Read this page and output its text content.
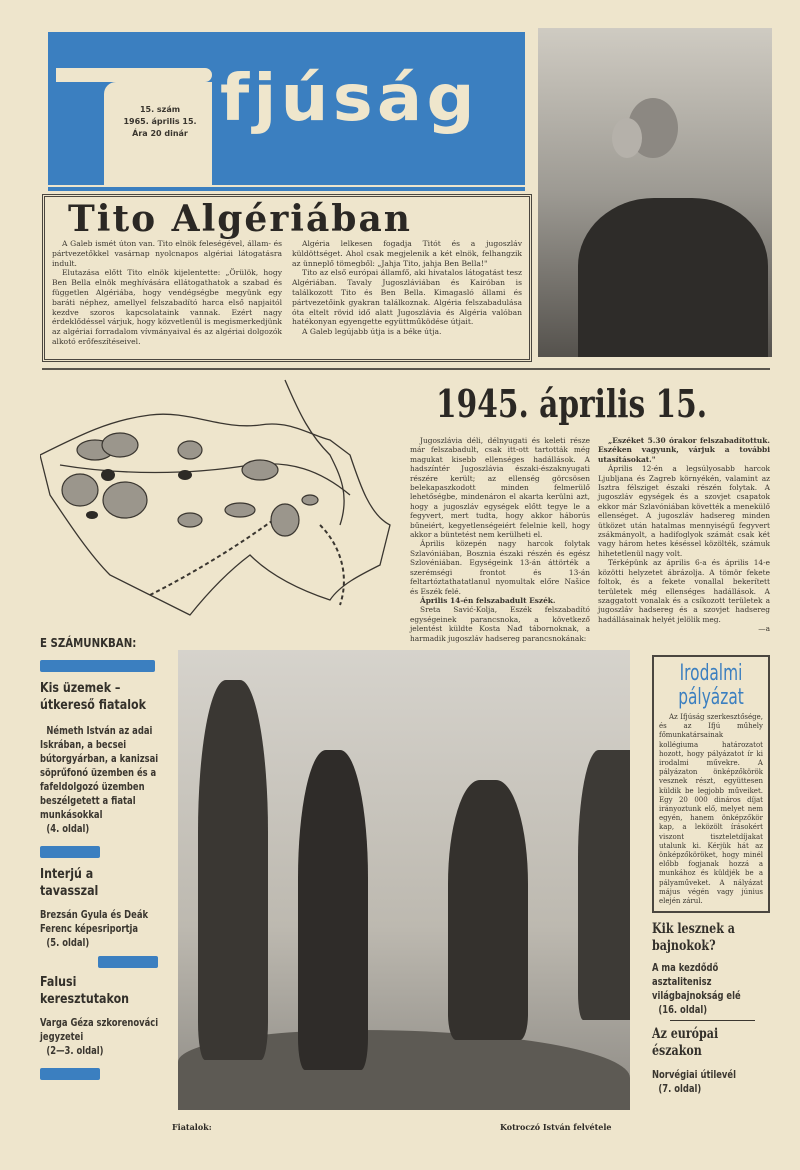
fjúság
15. szám
1965. április 15.
Ára 20 dinár
Tito Algériában

A Galeb ismét úton van. Tito elnök feleségével, állam- és pártvezetőkkel vasárnap nyolcnapos algériai látogatásra indult.

Elutazása előtt Tito elnök kijelentette: „Örülök, hogy Ben Bella elnök meghívására ellátogathatok a szabad és független Algériába, hogy vendégségbe megyünk egy baráti néphez, amellyel felszabadító harca első napjaitól kezdve szoros kapcsolataink vannak. Ezért nagy érdeklődéssel várjuk, hogy közvetlenül is megismerkedjünk az algériai forradalom vívmányaival és az algériai dolgozók alkotó erőfeszítéseivel.

Algéria lelkesen fogadja Titót és a jugoszláv küldöttséget. Ahol csak megjelenik a két elnök, felhangzik az ünneplő tömegből: „Jahja Tito, jahja Ben Bella!"

Tito az első európai államfő, aki hivatalos látogatást tesz Algériában. Tavaly Jugoszláviában és Kairóban is találkozott Tito és Ben Bella. Kimagasló állami és pártvezetőink gyakran találkoznak. Algéria felszabadulása óta eltelt rövid idő alatt Jugoszlávia és Algéria valóban hatékonyan egyengette együttműködése útjait.

A Galeb legújabb útja is a béke útja.

1945. április 15.

Jugoszlávia déli, délnyugati és keleti része már felszabadult, csak itt-ott tartották még magukat kisebb ellenséges hadállások. A hadszíntér Jugoszlávia északi-északnyugati részére került; az ellenség görcsösen belekapaszkodott minden felmerülő lehetőségbe, mindenáron el akarta kerülni azt, hogy a jugoszláv egységek előtt tegye le a fegyvert, mert tudta, hogy akkor háborús bűneiért, kegyetlenségeiért felelnie kell, hogy akkor a büntetést nem kerülheti el.

Április közepén nagy harcok folytak Szlavóniában, Bosznia északi részén és egész Szlovéniában. Egységeink 13-án áttörték a szerémségi frontot és 13-án feltartóztathatatlanul nyomultak előre Našice és Eszék felé.

Április 14-én felszabadult Eszék.

Sreta Savić-Kolja, Eszék felszabadító egységeinek parancsnoka, a következő jelentést küldte Kosta Nađ tábornoknak, a harmadik jugoszláv hadsereg parancsnokának:

„Eszéket 5.30 órakor felszabadítottuk. Eszéken vagyunk, várjuk a további utasításokat."

Április 12-én a legsúlyosabb harcok Ljubljana és Zagreb környékén, valamint az Isztra félsziget északi részén folytak. A jugoszláv egységek és a szovjet csapatok ekkor már Szlavóniában követték a menekülő ellenséget. A jugoszláv hadsereg minden ütközet után hatalmas mennyiségű fegyvert zsákmányolt, a hadifoglyok számát csak két vagy három hetes késéssel közölték, számuk hihetetlenül nagy volt.

Térképünk az április 6-a és április 14-e közötti helyzetet ábrázolja. A tömör fekete foltok, és a fekete vonallal bekerített területek még ellenséges hadállások. A szaggatott vonalak és a csíkozott területek a jugoszláv hadsereg és a szovjet hadsereg hadállásainak helyét jelölik meg.

—a
E SZÁMUNKBAN:
Kis üzemek – útkereső fiatalok
Németh István az adai Iskrában, a becsei bútorgyárban, a kanizsai söprűfonó üzemben és a fafeldolgozó üzemben beszélgetett a fiatal munkásokkal
(4. oldal)
Interjú a tavasszal
Brezsán Gyula és Deák Ferenc képesriportja
(5. oldal)
Falusi keresztutakon
Varga Géza szkorenováci jegyzetei
(2—3. oldal)
Fiatalok:	Kotroczó István felvétele
Irodalmi
pályázat
Az Ifjúság szerkesztősége, és az Ifjú műhely főmunkatársainak kollégiuma határozatot hozott, hogy pályázatot ír ki irodalmi művekre. A pályázaton önképzőkörök vesznek részt, együttesen küldik be legjobb műveiket. Egy 20 000 dináros díjat irányoztunk elő, melyet nem egyén, hanem önképzőkör kap, a leközölt írásokért viszont tiszteletdíjakat utalunk ki. Kérjük hát az önképzőköröket, hogy minél előbb fogjanak hozzá a munkához és küldjék be a pályaműveket. A nályázat május végén vagy június elején zárul.
Kik lesznek a bajnokok?
A ma kezdődő asztalitenisz világbajnokság elé
(16. oldal)
Az európai északon
Norvégiai útilevél
(7. oldal)
